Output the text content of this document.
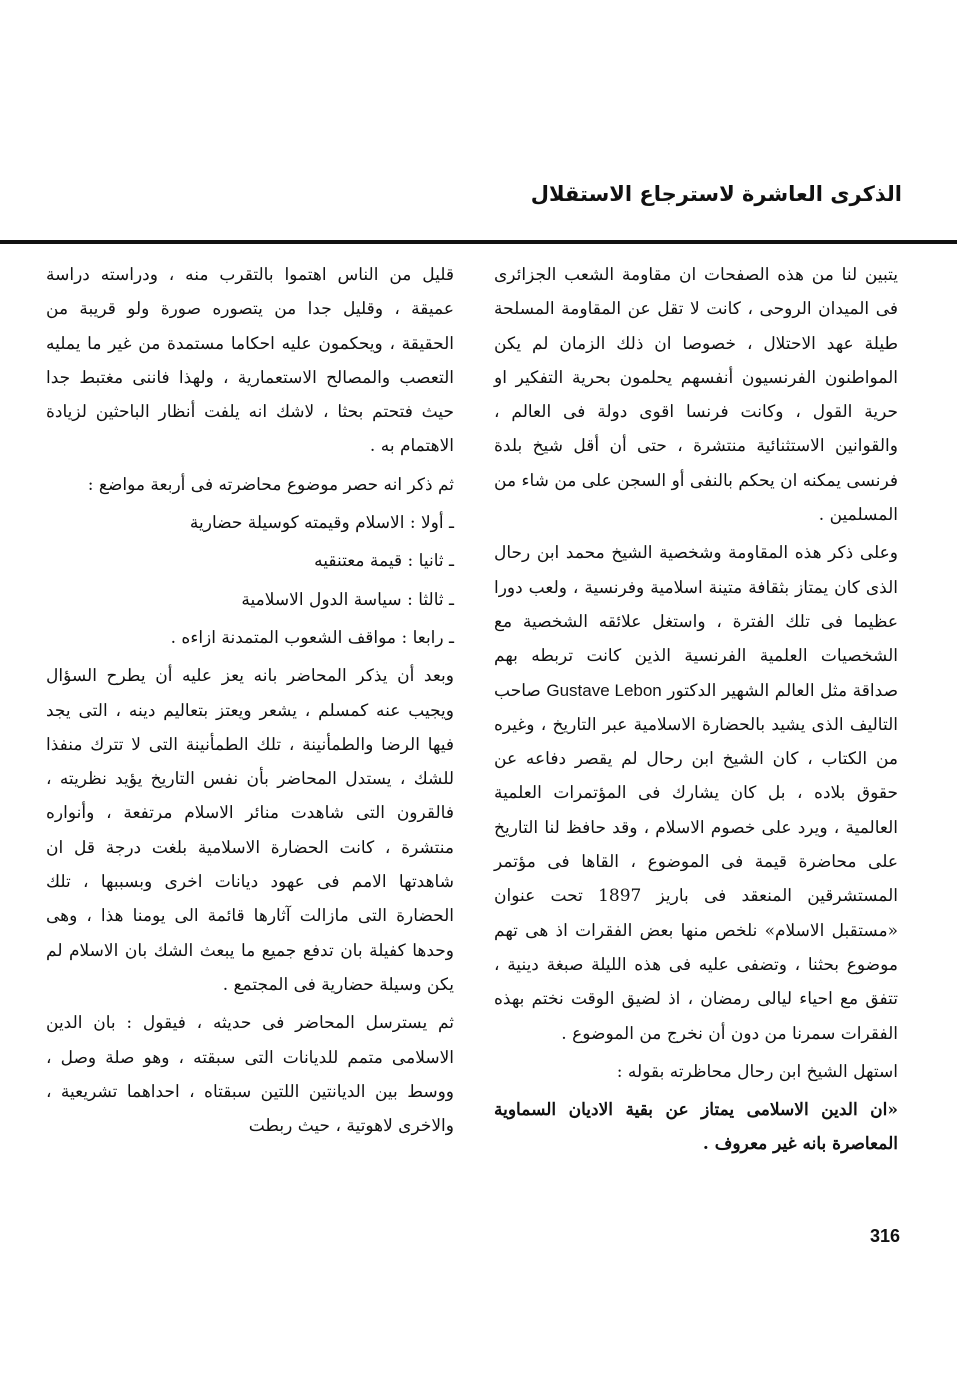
الذكرى العاشرة لاسترجاع الاستقلال

يتبين لنا من هذه الصفحات ان مقاومة الشعب الجزائرى فى الميدان الروحى ، كانت لا تقل عن المقاومة المسلحة طيلة عهد الاحتلال ، خصوصا ان ذلك الزمان لم يكن المواطنون الفرنسيون أنفسهم يحلمون بحرية التفكير او حرية القول ، وكانت فرنسا اقوى دولة فى العالم ، والقوانين الاستثنائية منتشرة ، حتى أن أقل شيخ بلدة فرنسى يمكنه ان يحكم بالنفى أو السجن على من شاء من المسلمين .

وعلى ذكر هذه المقاومة وشخصية الشيخ محمد ابن رحال الذى كان يمتاز بثقافة متينة اسلامية وفرنسية ، ولعب دورا عظيما فى تلك الفترة ، واستغل علائقه الشخصية مع الشخصيات العلمية الفرنسية الذين كانت تربطه بهم صداقة مثل العالم الشهير الدكتور Gustave Lebon صاحب التاليف الذى يشيد بالحضارة الاسلامية عبر التاريخ ، وغيره من الكتاب ، كان الشيخ ابن رحال لم يقصر دفاعه عن حقوق بلاده ، بل كان يشارك فى المؤتمرات العلمية العالمية ، ويرد على خصوم الاسلام ، وقد حافظ لنا التاريخ على محاضرة قيمة فى الموضوع ، القاها فى مؤتمر المستشرقين المنعقد فى باريز 1897 تحت عنوان «مستقبل الاسلام» نلخص منها بعض الفقرات اذ هى تهم موضوع بحثنا ، وتضفى عليه فى هذه الليلة صبغة دينية ، تتفق مع احياء ليالى رمضان ، اذ لضيق الوقت نختم بهذه الفقرات سمرنا من دون أن نخرج من الموضوع .

استهل الشيخ ابن رحال محاظرته بقوله :

«ان الدين الاسلامى يمتاز عن بقية الاديان السماوية المعاصرة بانه غير معروف .

قليل من الناس اهتموا بالتقرب منه ، ودراسته دراسة عميقة ، وقليل جدا من يتصوره صورة ولو قريبة من الحقيقة ، ويحكمون عليه احكاما مستمدة من غير ما يمليه التعصب والمصالح الاستعمارية ، ولهذا فاننى مغتبط جدا حيث فتحتم بحثا ، لاشك انه يلفت أنظار الباحثين لزيادة الاهتمام به .

ثم ذكر انه حصر موضوع محاضرته فى أربعة مواضع :

ـ أولا : الاسلام وقيمته كوسيلة حضارية

ـ ثانيا : قيمة معتنقيه

ـ ثالثا : سياسة الدول الاسلامية

ـ رابعا : مواقف الشعوب المتمدنة ازاءه .

وبعد أن يذكر المحاضر بانه يعز عليه أن يطرح السؤال ويجيب عنه كمسلم ، يشعر ويعتز بتعاليم دينه ، التى يجد فيها الرضا والطمأنينة ، تلك الطمأنينة التى لا تترك منفذا للشك ، يستدل المحاضر بأن نفس التاريخ يؤيد نظريته ، فالقرون التى شاهدت منائر الاسلام مرتفعة ، وأنواره منتشرة ، كانت الحضارة الاسلامية بلغت درجة قل ان شاهدتها الامم فى عهود ديانات اخرى وبسببها ، تلك الحضارة التى مازالت آثارها قائمة الى يومنا هذا ، وهى وحدها كفيلة بان تدفع جميع ما يبعث الشك بان الاسلام لم يكن وسيلة حضارية فى المجتمع .

ثم يسترسل المحاضر فى حديثه ، فيقول : بان الدين الاسلامى متمم للديانات التى سبقته ، وهو صلة وصل ، ووسط بين الديانتين اللتين سبقتاه ، احداهما تشريعية ، والاخرى لاهوتية ، حيث ربطت

316
